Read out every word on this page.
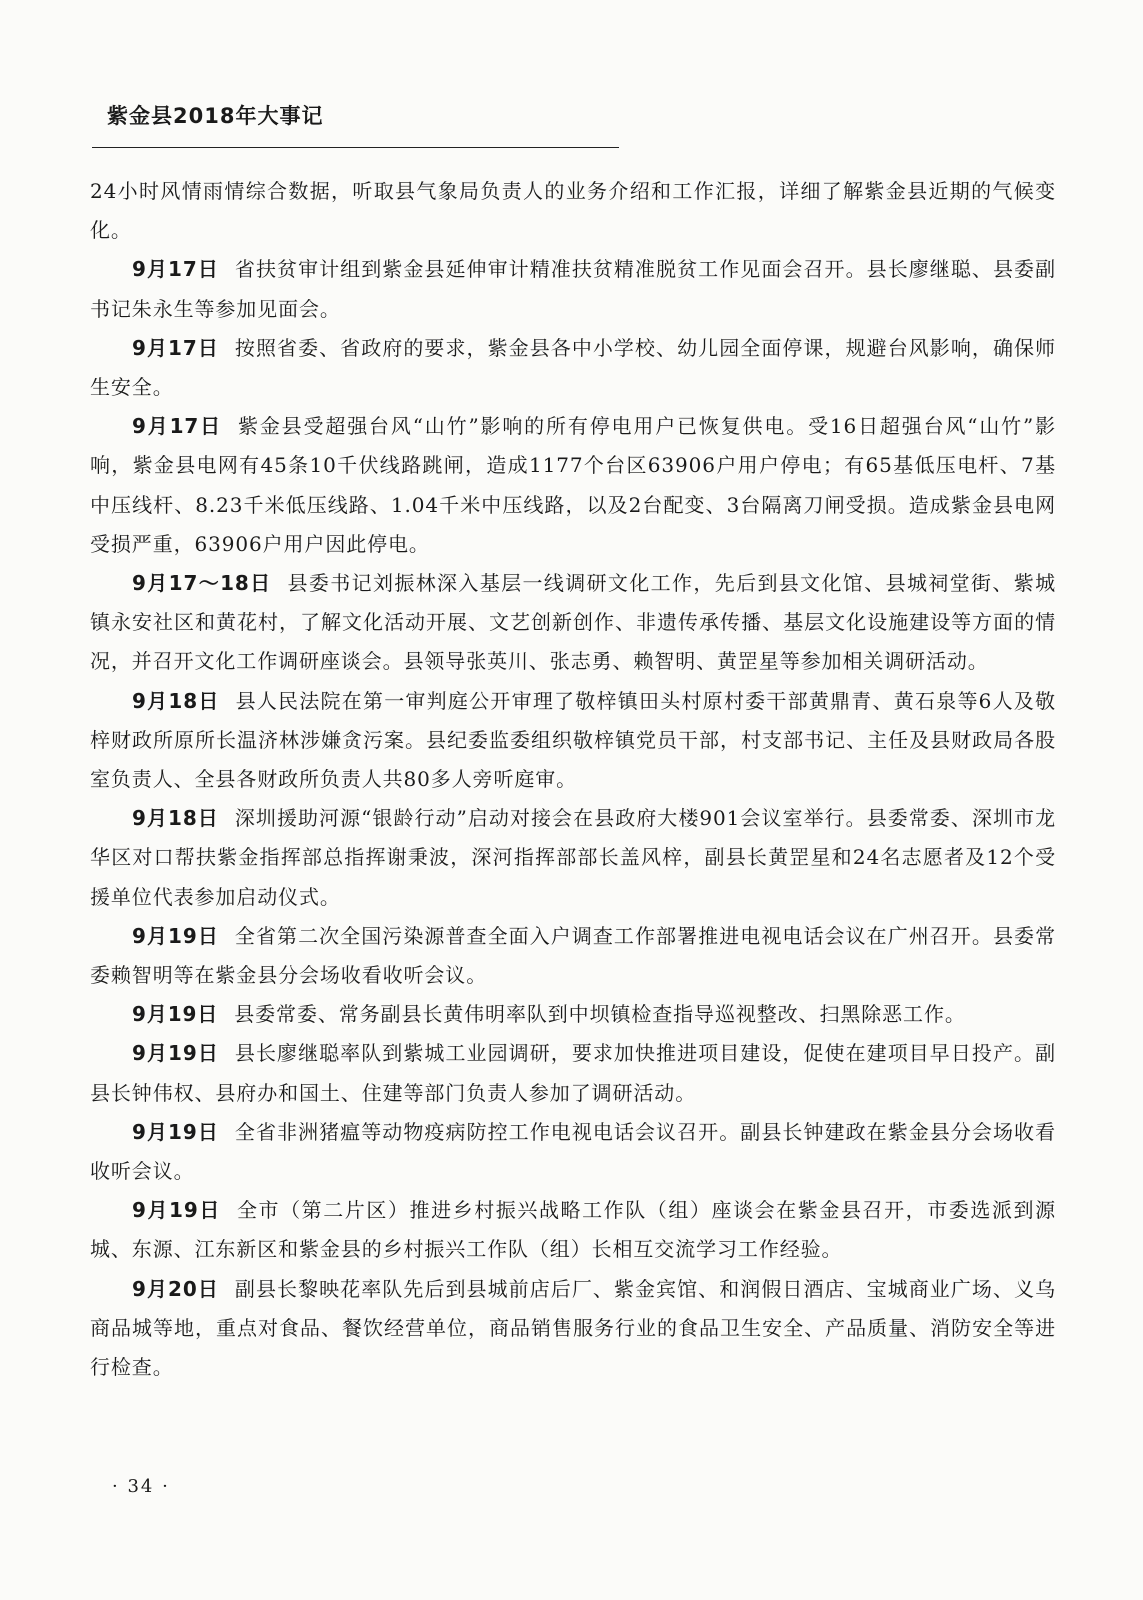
紫金县2018年大事记

24小时风情雨情综合数据，听取县气象局负责人的业务介绍和工作汇报，详细了解紫金县近期的气候变化。

9月17日 省扶贫审计组到紫金县延伸审计精准扶贫精准脱贫工作见面会召开。县长廖继聪、县委副书记朱永生等参加见面会。

9月17日 按照省委、省政府的要求，紫金县各中小学校、幼儿园全面停课，规避台风影响，确保师生安全。

9月17日 紫金县受超强台风“山竹”影响的所有停电用户已恢复供电。受16日超强台风“山竹”影响，紫金县电网有45条10千伏线路跳闸，造成1177个台区63906户用户停电；有65基低压电杆、7基中压线杆、8.23千米低压线路、1.04千米中压线路，以及2台配变、3台隔离刀闸受损。造成紫金县电网受损严重，63906户用户因此停电。

9月17～18日 县委书记刘振林深入基层一线调研文化工作，先后到县文化馆、县城祠堂街、紫城镇永安社区和黄花村，了解文化活动开展、文艺创新创作、非遗传承传播、基层文化设施建设等方面的情况，并召开文化工作调研座谈会。县领导张英川、张志勇、赖智明、黄罡星等参加相关调研活动。

9月18日 县人民法院在第一审判庭公开审理了敬梓镇田头村原村委干部黄鼎青、黄石泉等6人及敬梓财政所原所长温济林涉嫌贪污案。县纪委监委组织敬梓镇党员干部，村支部书记、主任及县财政局各股室负责人、全县各财政所负责人共80多人旁听庭审。

9月18日 深圳援助河源“银龄行动”启动对接会在县政府大楼901会议室举行。县委常委、深圳市龙华区对口帮扶紫金指挥部总指挥谢秉波，深河指挥部部长盖风梓，副县长黄罡星和24名志愿者及12个受援单位代表参加启动仪式。

9月19日 全省第二次全国污染源普查全面入户调查工作部署推进电视电话会议在广州召开。县委常委赖智明等在紫金县分会场收看收听会议。

9月19日 县委常委、常务副县长黄伟明率队到中坝镇检查指导巡视整改、扫黑除恶工作。

9月19日 县长廖继聪率队到紫城工业园调研，要求加快推进项目建设，促使在建项目早日投产。副县长钟伟权、县府办和国土、住建等部门负责人参加了调研活动。

9月19日 全省非洲猪瘟等动物疫病防控工作电视电话会议召开。副县长钟建政在紫金县分会场收看收听会议。

9月19日 全市（第二片区）推进乡村振兴战略工作队（组）座谈会在紫金县召开，市委选派到源城、东源、江东新区和紫金县的乡村振兴工作队（组）长相互交流学习工作经验。

9月20日 副县长黎映花率队先后到县城前店后厂、紫金宾馆、和润假日酒店、宝城商业广场、义乌商品城等地，重点对食品、餐饮经营单位，商品销售服务行业的食品卫生安全、产品质量、消防安全等进行检查。

· 34 ·
